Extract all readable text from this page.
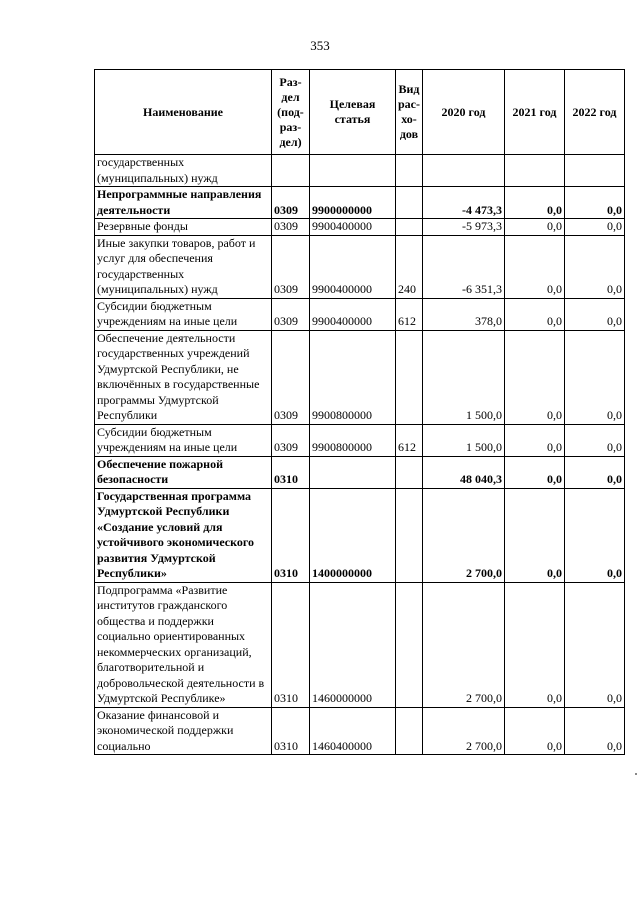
353
Наименование	Раз-дел (под-раз-дел)	Целевая статья	Вид рас-хо-дов	2020 год	2021 год	2022 год
государственных (муниципальных) нужд						
Непрограммные направления деятельности	0309	9900000000		-4 473,3	0,0	0,0
Резервные фонды	0309	9900400000		-5 973,3	0,0	0,0
Иные закупки товаров, работ и услуг для обеспечения государственных (муниципальных) нужд	0309	9900400000	240	-6 351,3	0,0	0,0
Субсидии бюджетным учреждениям на иные цели	0309	9900400000	612	378,0	0,0	0,0
Обеспечение деятельности государственных учреждений Удмуртской Республики, не включённых в государственные программы Удмуртской Республики	0309	9900800000		1 500,0	0,0	0,0
Субсидии бюджетным учреждениям на иные цели	0309	9900800000	612	1 500,0	0,0	0,0
Обеспечение пожарной безопасности	0310			48 040,3	0,0	0,0
Государственная программа Удмуртской Республики «Создание условий для устойчивого экономического развития Удмуртской Республики»	0310	1400000000		2 700,0	0,0	0,0
Подпрограмма «Развитие институтов гражданского общества и поддержки социально ориентированных некоммерческих организаций, благотворительной и добровольческой деятельности в Удмуртской Республике»	0310	1460000000		2 700,0	0,0	0,0
Оказание финансовой и экономической поддержки социально	0310	1460400000		2 700,0	0,0	0,0
